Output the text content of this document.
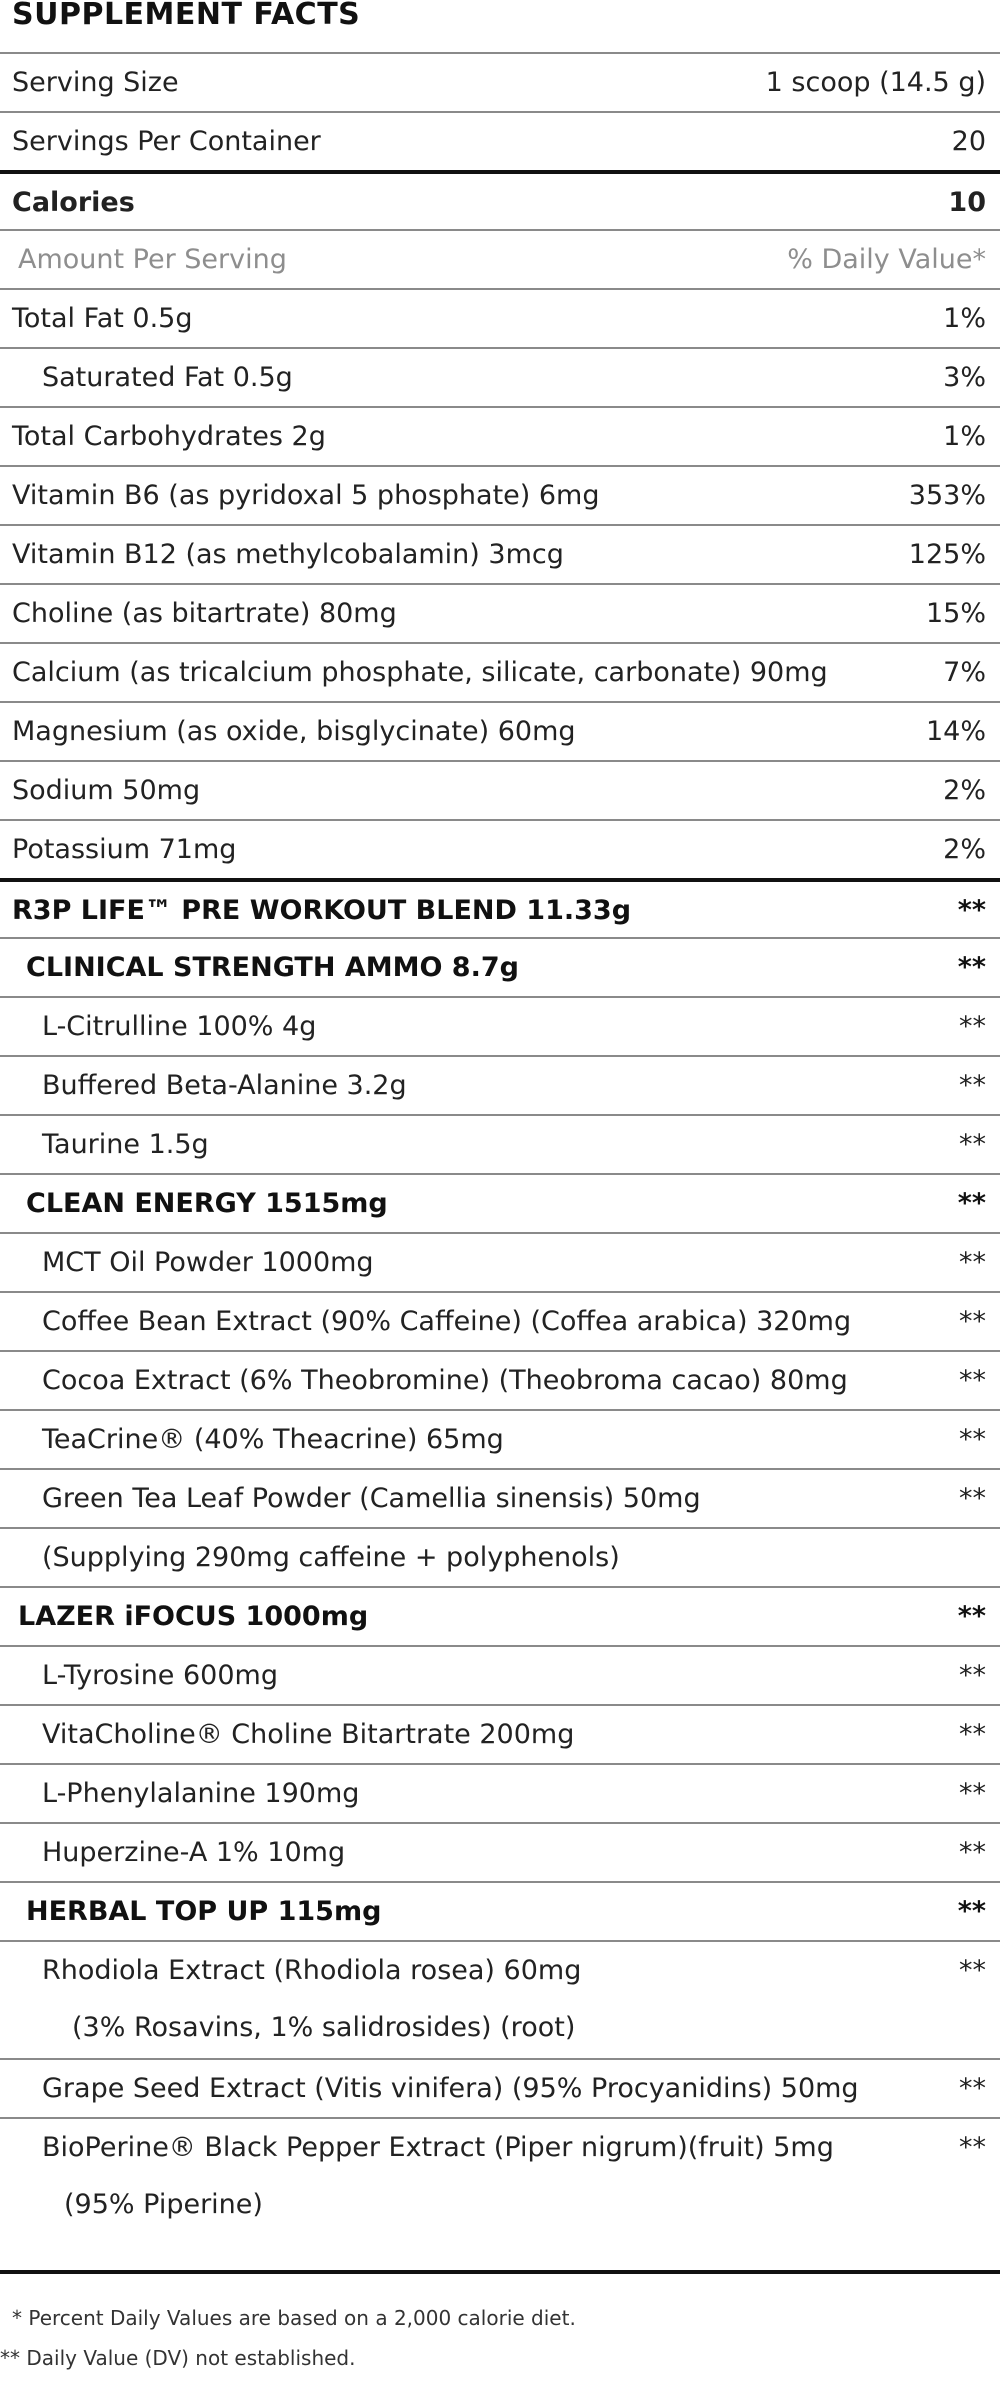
SUPPLEMENT FACTS
Serving Size	1 scoop (14.5 g)
Servings Per Container	20
Calories	10
Amount Per Serving	% Daily Value*
Total Fat 0.5g	1%
Saturated Fat 0.5g	3%
Total Carbohydrates 2g	1%
Vitamin B6 (as pyridoxal 5 phosphate) 6mg	353%
Vitamin B12 (as methylcobalamin) 3mcg	125%
Choline (as bitartrate) 80mg	15%
Calcium (as tricalcium phosphate, silicate, carbonate) 90mg	7%
Magnesium (as oxide, bisglycinate) 60mg	14%
Sodium 50mg	2%
Potassium 71mg	2%
R3P LIFE™ PRE WORKOUT BLEND 11.33g	**
CLINICAL STRENGTH AMMO 8.7g	**
L-Citrulline 100% 4g	**
Buffered Beta-Alanine 3.2g	**
Taurine 1.5g	**
CLEAN ENERGY 1515mg	**
MCT Oil Powder 1000mg	**
Coffee Bean Extract (90% Caffeine) (Coffea arabica) 320mg	**
Cocoa Extract (6% Theobromine) (Theobroma cacao) 80mg	**
TeaCrine® (40% Theacrine) 65mg	**
Green Tea Leaf Powder (Camellia sinensis) 50mg	**
(Supplying 290mg caffeine + polyphenols)
LAZER iFOCUS 1000mg	**
L-Tyrosine 600mg	**
VitaCholine® Choline Bitartrate 200mg	**
L-Phenylalanine 190mg	**
Huperzine-A 1% 10mg	**
HERBAL TOP UP 115mg	**
Rhodiola Extract (Rhodiola rosea) 60mg	**
(3% Rosavins, 1% salidrosides) (root)
Grape Seed Extract (Vitis vinifera) (95% Procyanidins) 50mg	**
BioPerine® Black Pepper Extract (Piper nigrum)(fruit) 5mg	**
(95% Piperine)
* Percent Daily Values are based on a 2,000 calorie diet.
** Daily Value (DV) not established.
